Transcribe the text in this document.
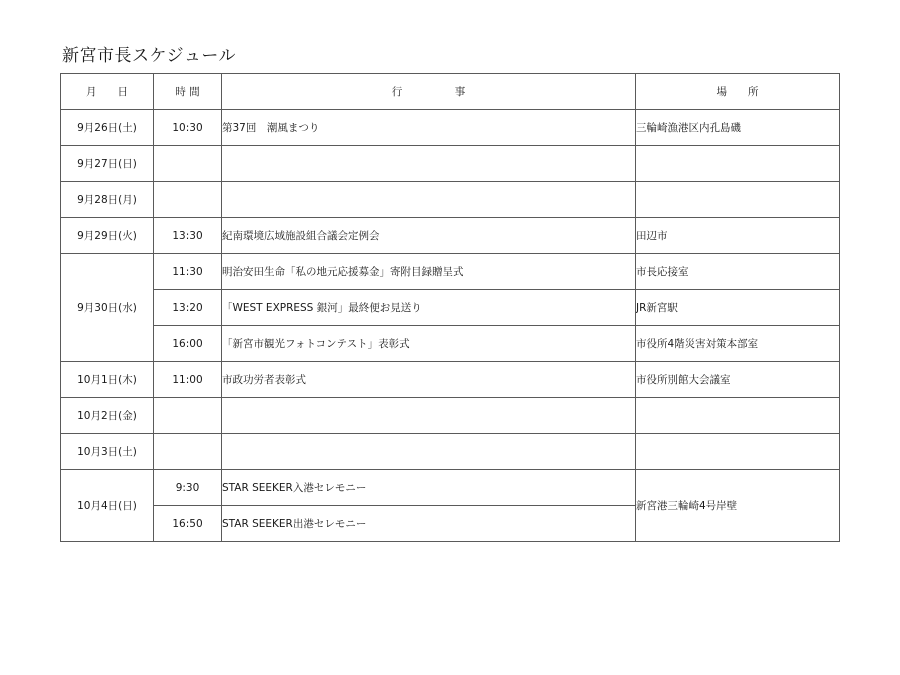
新宮市長スケジュール
月　　日	時 間	行　　　　　事	場　　所
9月26日(土)	10:30	第37回　潮風まつり	三輪崎漁港区内孔島磯
9月27日(日)			
9月28日(月)			
9月29日(火)	13:30	紀南環境広域施設組合議会定例会	田辺市
9月30日(水)	11:30	明治安田生命「私の地元応援募金」寄附目録贈呈式	市長応接室
	13:20	「WEST EXPRESS 銀河」最終便お見送り	JR新宮駅
	16:00	「新宮市観光フォトコンテスト」表彰式	市役所4階災害対策本部室
10月1日(木)	11:00	市政功労者表彰式	市役所別館大会議室
10月2日(金)			
10月3日(土)			
10月4日(日)	9:30	STAR SEEKER入港セレモニー	新宮港三輪崎4号岸壁
	16:50	STAR SEEKER出港セレモニー	
